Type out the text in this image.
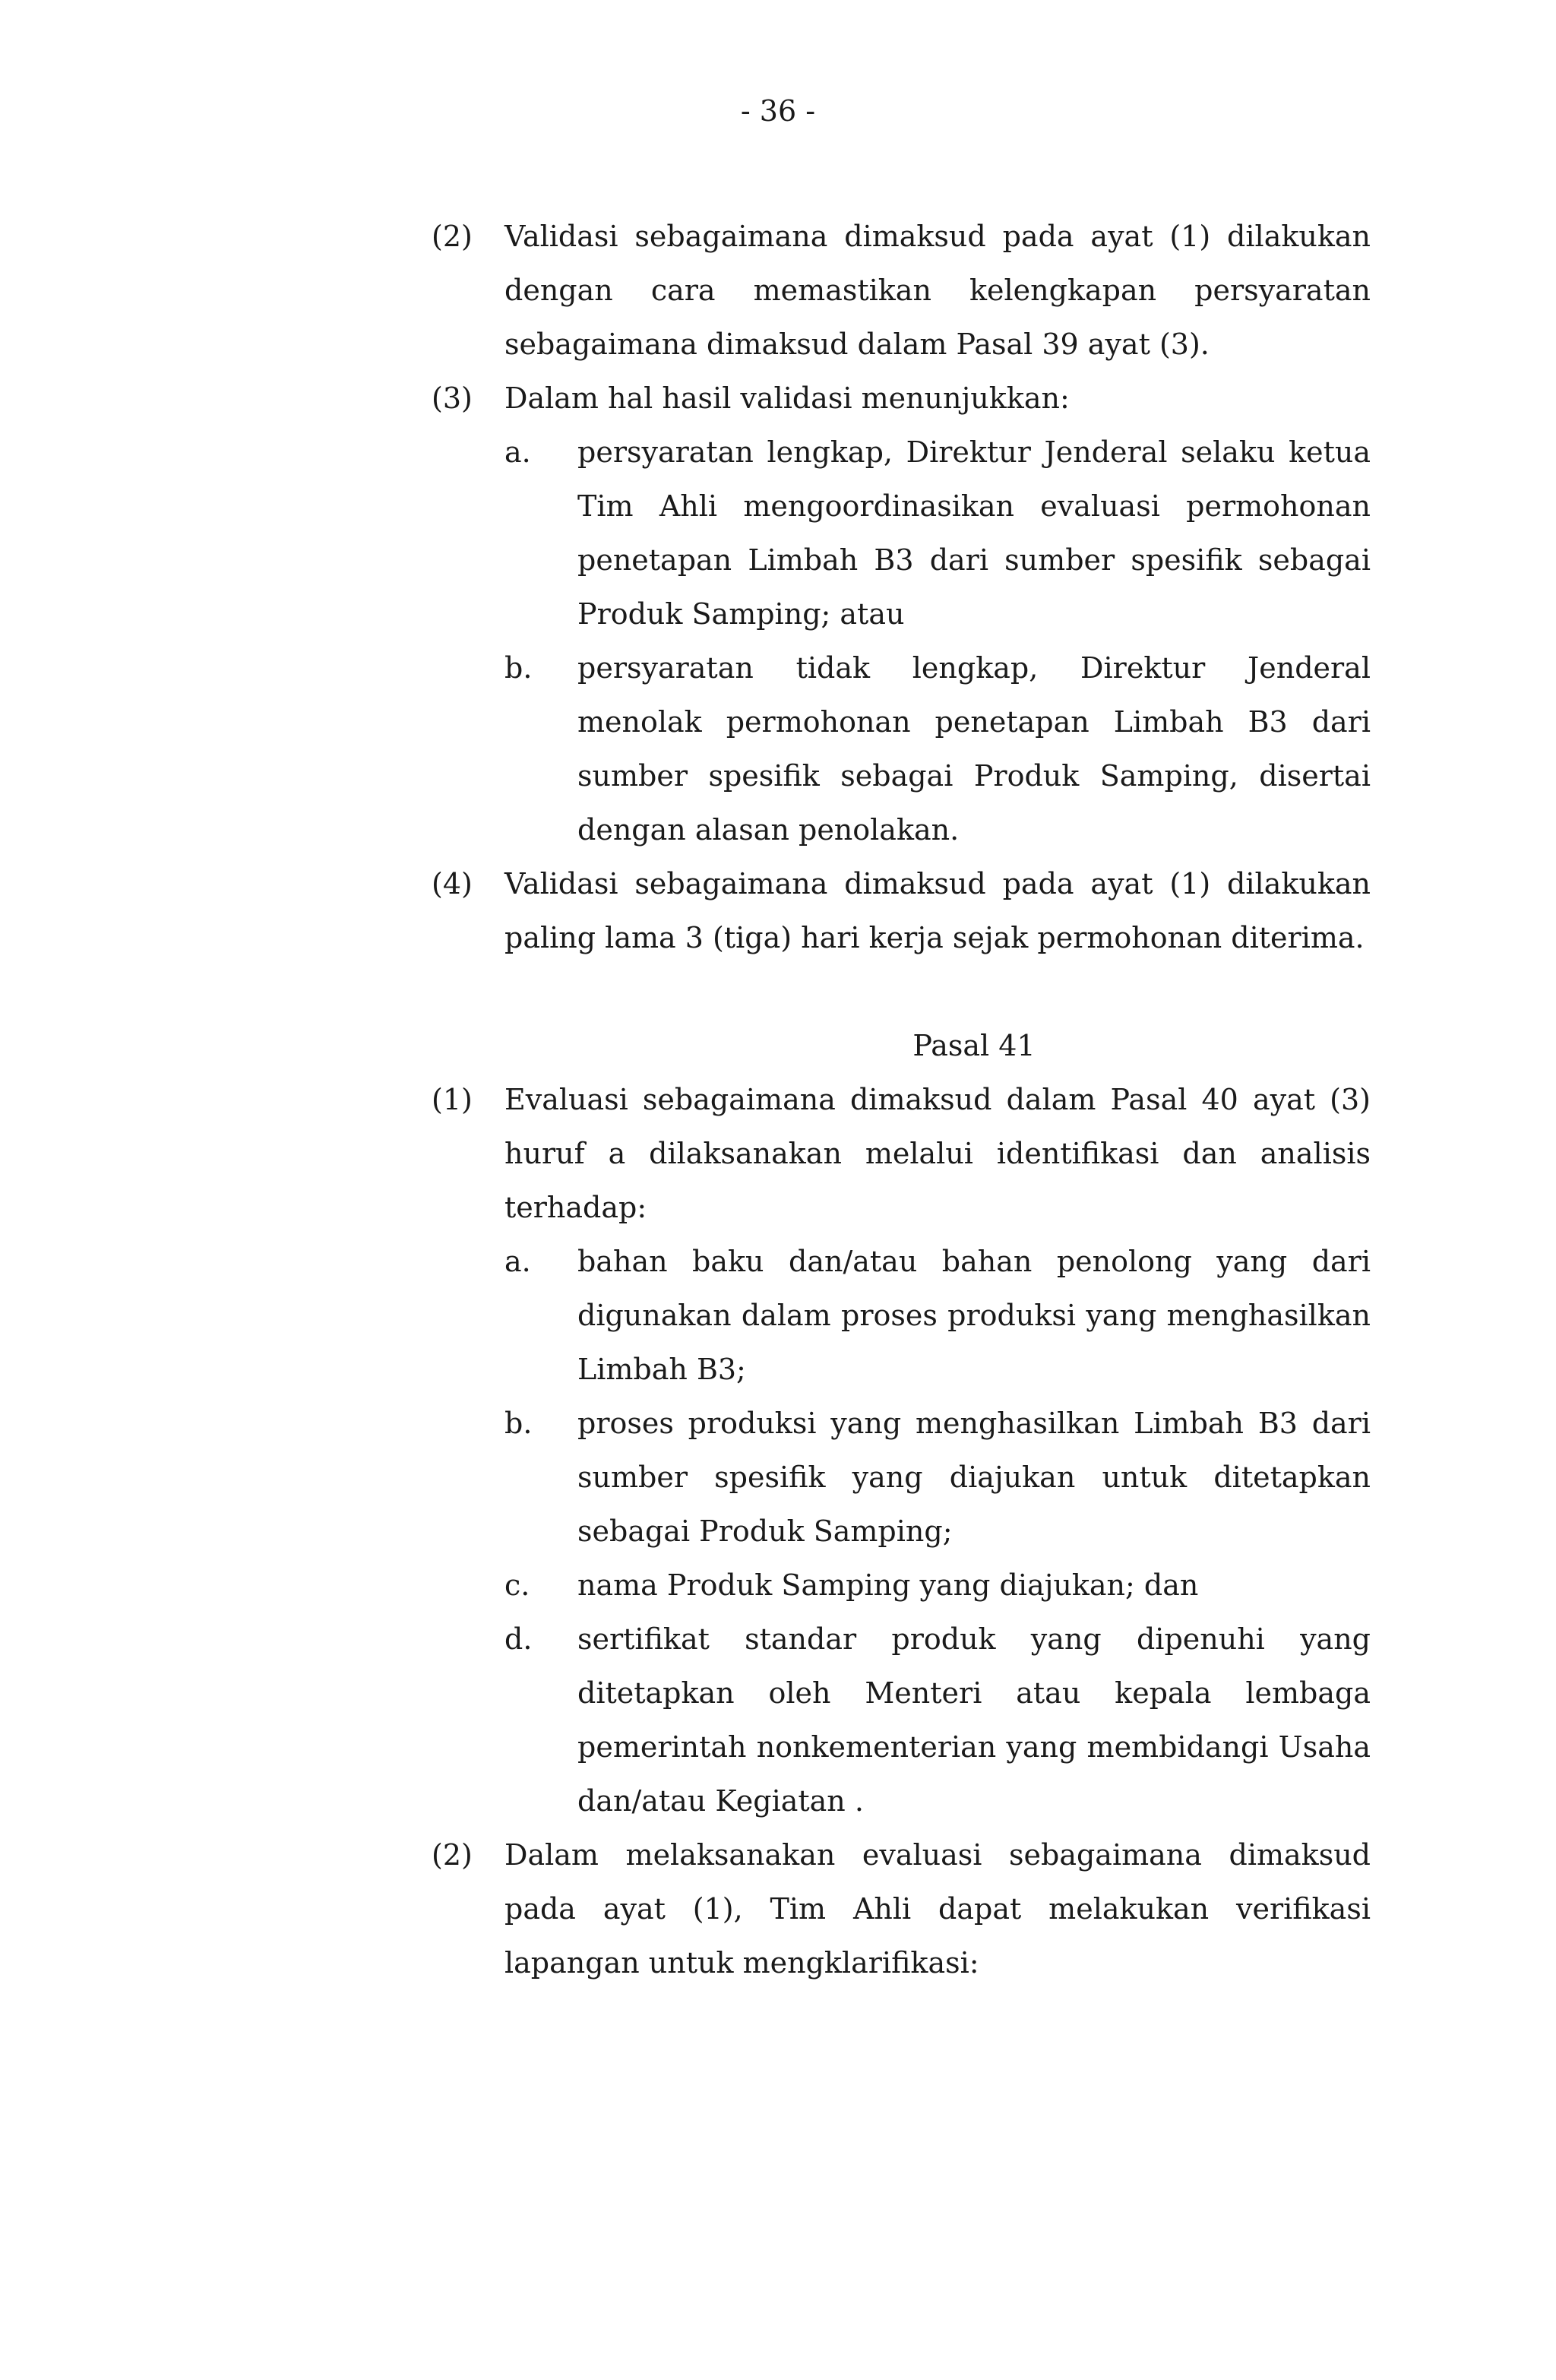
- 36 -
(2)	Validasi sebagaimana dimaksud pada ayat (1) dilakukan dengan cara memastikan kelengkapan persyaratan sebagaimana dimaksud dalam Pasal 39 ayat (3).
(3)	Dalam hal hasil validasi menunjukkan:
a.	persyaratan lengkap, Direktur Jenderal selaku ketua Tim Ahli mengoordinasikan evaluasi permohonan penetapan Limbah B3 dari sumber spesifik sebagai Produk Samping; atau
b.	persyaratan tidak lengkap, Direktur Jenderal menolak permohonan penetapan Limbah B3 dari sumber spesifik sebagai Produk Samping, disertai dengan alasan penolakan.
(4)	Validasi sebagaimana dimaksud pada ayat (1) dilakukan paling lama 3 (tiga) hari kerja sejak permohonan diterima.
Pasal 41
(1)	Evaluasi sebagaimana dimaksud dalam Pasal 40 ayat (3) huruf a dilaksanakan melalui identifikasi dan analisis terhadap:
a.	bahan baku dan/atau bahan penolong yang dari digunakan dalam proses produksi yang menghasilkan Limbah B3;
b.	proses produksi yang menghasilkan Limbah B3 dari sumber spesifik yang diajukan untuk ditetapkan sebagai Produk Samping;
c.	nama Produk Samping yang diajukan; dan
d.	sertifikat standar produk yang dipenuhi yang ditetapkan oleh Menteri atau kepala lembaga pemerintah nonkementerian yang membidangi Usaha dan/atau Kegiatan .
(2)	Dalam melaksanakan evaluasi sebagaimana dimaksud pada ayat (1), Tim Ahli dapat melakukan verifikasi lapangan untuk mengklarifikasi:
